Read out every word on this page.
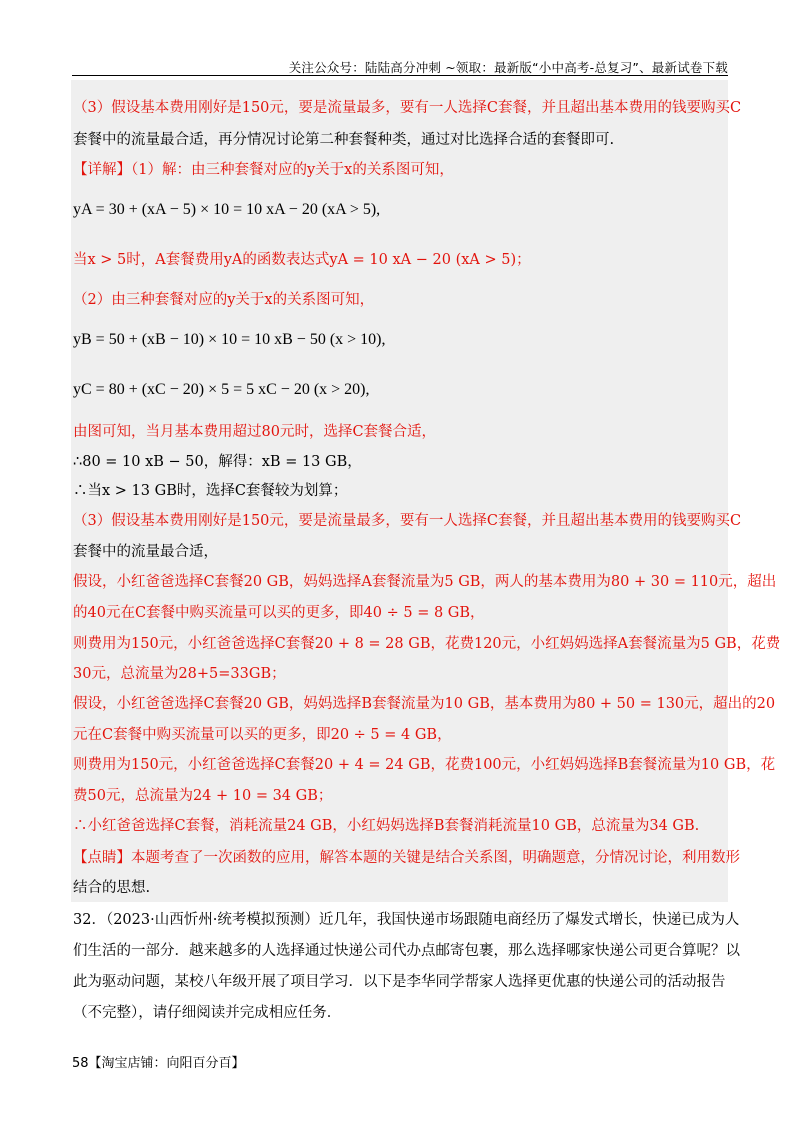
关注公众号：陆陆高分冲刺 ~领取：最新版“小中高考-总复习”、最新试卷下载
（3）假设基本费用刚好是150元，要是流量最多，要有一人选择C套餐，并且超出基本费用的钱要购买C
套餐中的流量最合适，再分情况讨论第二种套餐种类，通过对比选择合适的套餐即可.
【详解】（1）解：由三种套餐对应的y关于x的关系图可知，
yA = 30 + (xA − 5) × 10 = 10 xA − 20 (xA > 5),
当x > 5时，A套餐费用yA的函数表达式yA = 10 xA − 20 (xA > 5)；
（2）由三种套餐对应的y关于x的关系图可知，
yB = 50 + (xB − 10) × 10 = 10 xB − 50 (x > 10),
yC = 80 + (xC − 20) × 5 = 5 xC − 20 (x > 20),
由图可知，当月基本费用超过80元时，选择C套餐合适，
∴80 = 10 xB − 50，解得：xB = 13 GB，
∴当x > 13 GB时，选择C套餐较为划算；
（3）假设基本费用刚好是150元，要是流量最多，要有一人选择C套餐，并且超出基本费用的钱要购买C
套餐中的流量最合适，
假设，小红爸爸选择C套餐20 GB，妈妈选择A套餐流量为5 GB，两人的基本费用为80 + 30 = 110元，超出
的40元在C套餐中购买流量可以买的更多，即40 ÷ 5 = 8 GB，
则费用为150元，小红爸爸选择C套餐20 + 8 = 28 GB，花费120元，小红妈妈选择A套餐流量为5 GB，花费
30元，总流量为28+5=33GB；
假设，小红爸爸选择C套餐20 GB，妈妈选择B套餐流量为10 GB，基本费用为80 + 50 = 130元，超出的20
元在C套餐中购买流量可以买的更多，即20 ÷ 5 = 4 GB，
则费用为150元，小红爸爸选择C套餐20 + 4 = 24 GB，花费100元，小红妈妈选择B套餐流量为10 GB，花
费50元，总流量为24 + 10 = 34 GB；
∴小红爸爸选择C套餐，消耗流量24 GB，小红妈妈选择B套餐消耗流量10 GB，总流量为34 GB.
【点睛】本题考查了一次函数的应用，解答本题的关键是结合关系图，明确题意，分情况讨论，利用数形
结合的思想.
32．（2023·山西忻州·统考模拟预测）近几年，我国快递市场跟随电商经历了爆发式增长，快递已成为人
们生活的一部分．越来越多的人选择通过快递公司代办点邮寄包裹，那么选择哪家快递公司更合算呢？以
此为驱动问题，某校八年级开展了项目学习．以下是李华同学帮家人选择更优惠的快递公司的活动报告
（不完整），请仔细阅读并完成相应任务．
58【淘宝店铺：向阳百分百】
